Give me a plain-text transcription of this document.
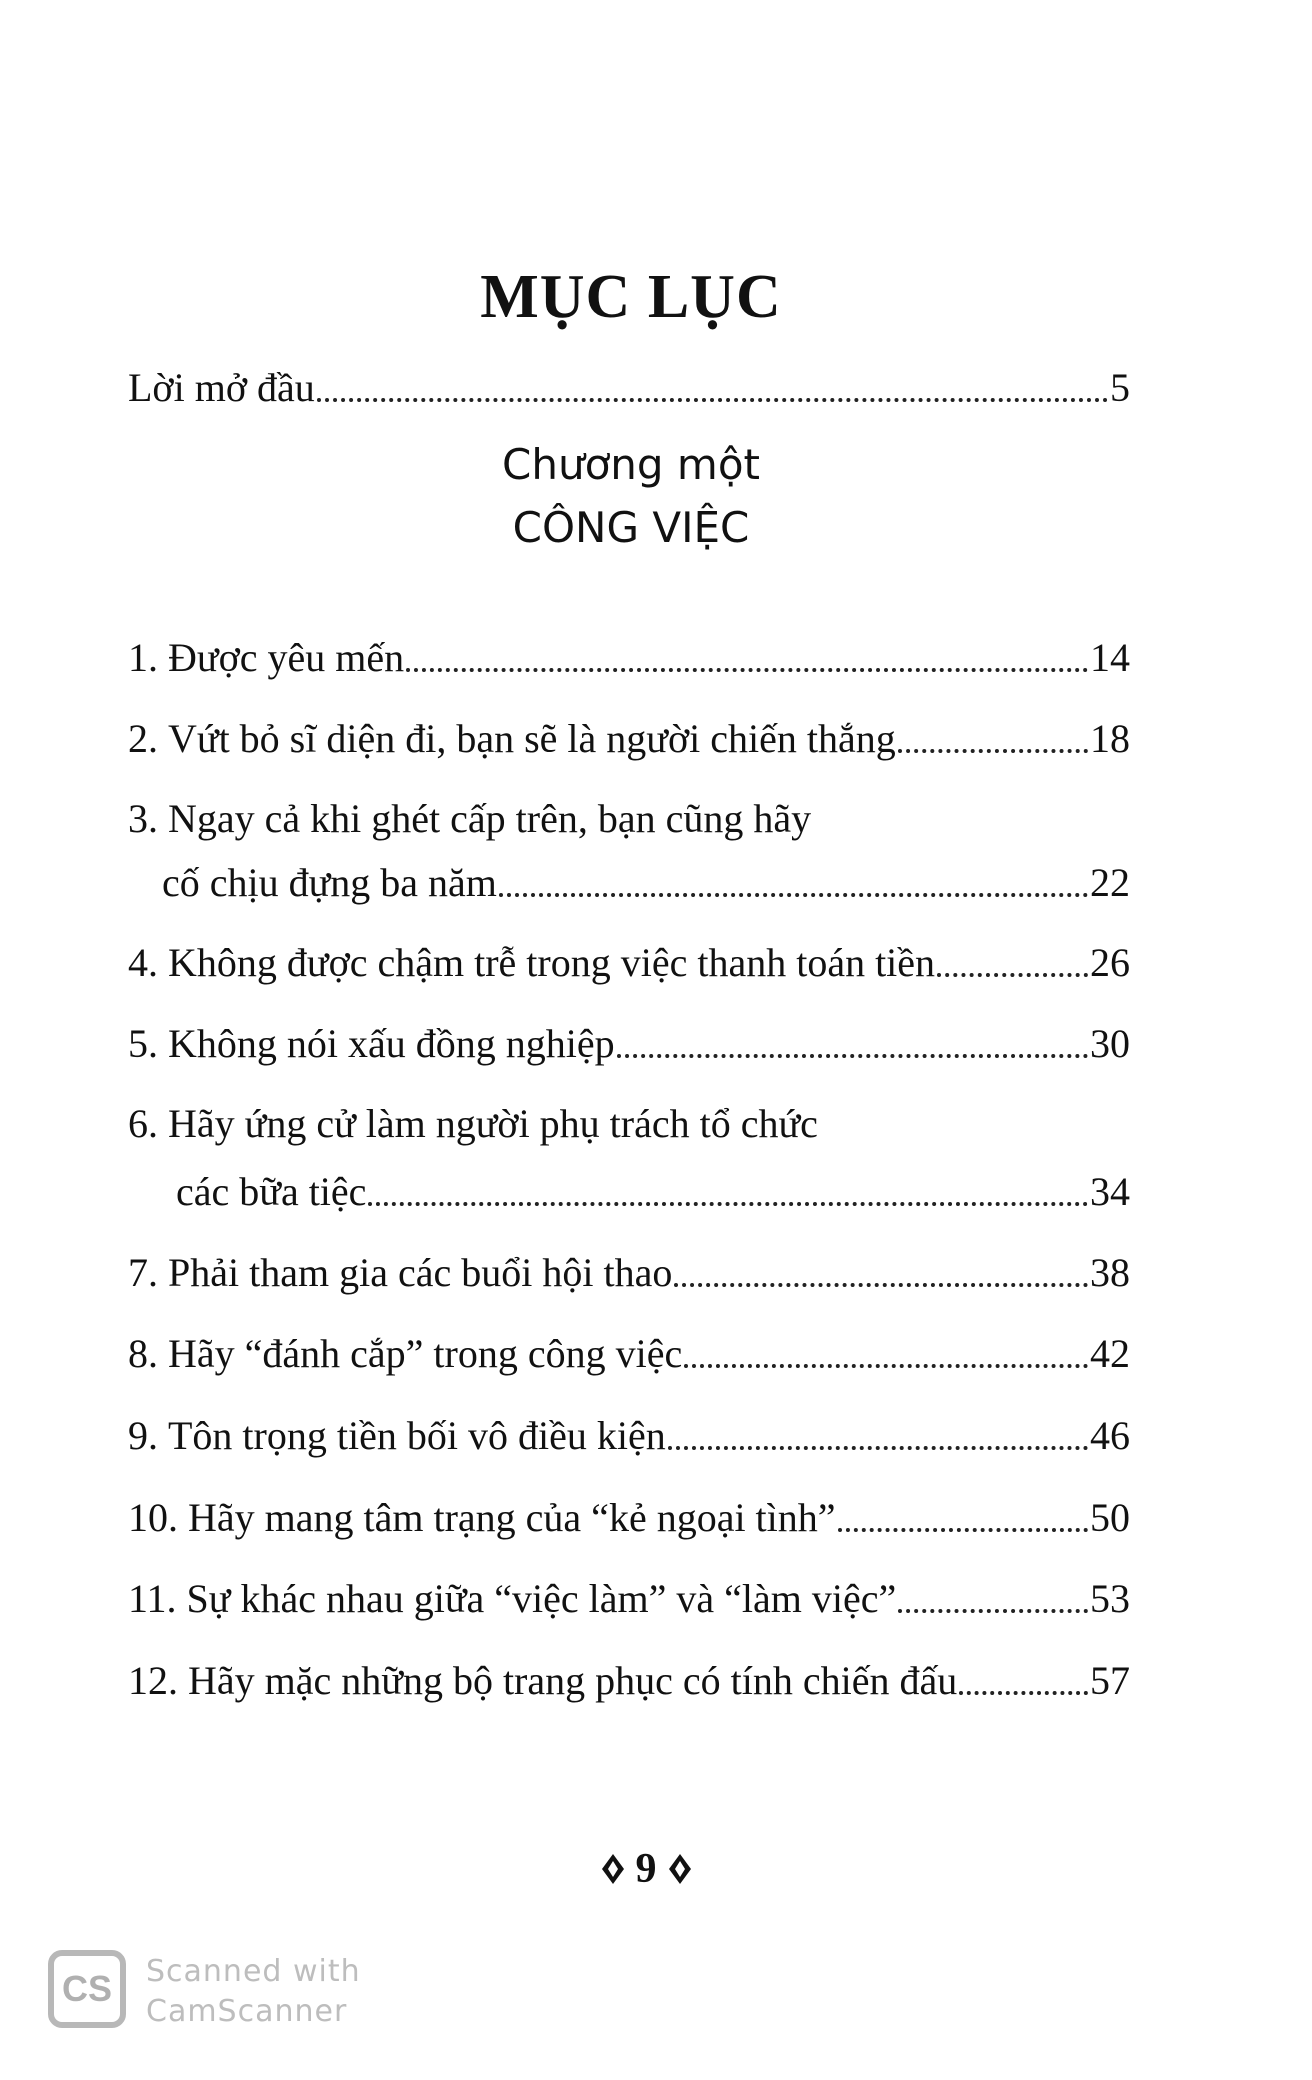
MỤC LỤC
Lời mở đầu	5
Chương một
CÔNG VIỆC
1. Được yêu mến	14
2. Vứt bỏ sĩ diện đi, bạn sẽ là người chiến thắng	18
3. Ngay cả khi ghét cấp trên, bạn cũng hãy
cố chịu đựng ba năm	22
4. Không được chậm trễ trong việc thanh toán tiền	26
5. Không nói xấu đồng nghiệp	30
6. Hãy ứng cử làm người phụ trách tổ chức
các bữa tiệc	34
7. Phải tham gia các buổi hội thao	38
8. Hãy “đánh cắp” trong công việc	42
9. Tôn trọng tiền bối vô điều kiện	46
10. Hãy mang tâm trạng của “kẻ ngoại tình”	50
11. Sự khác nhau giữa “việc làm” và “làm việc”	53
12. Hãy mặc những bộ trang phục có tính chiến đấu	57
9
CS	Scanned with
CamScanner
